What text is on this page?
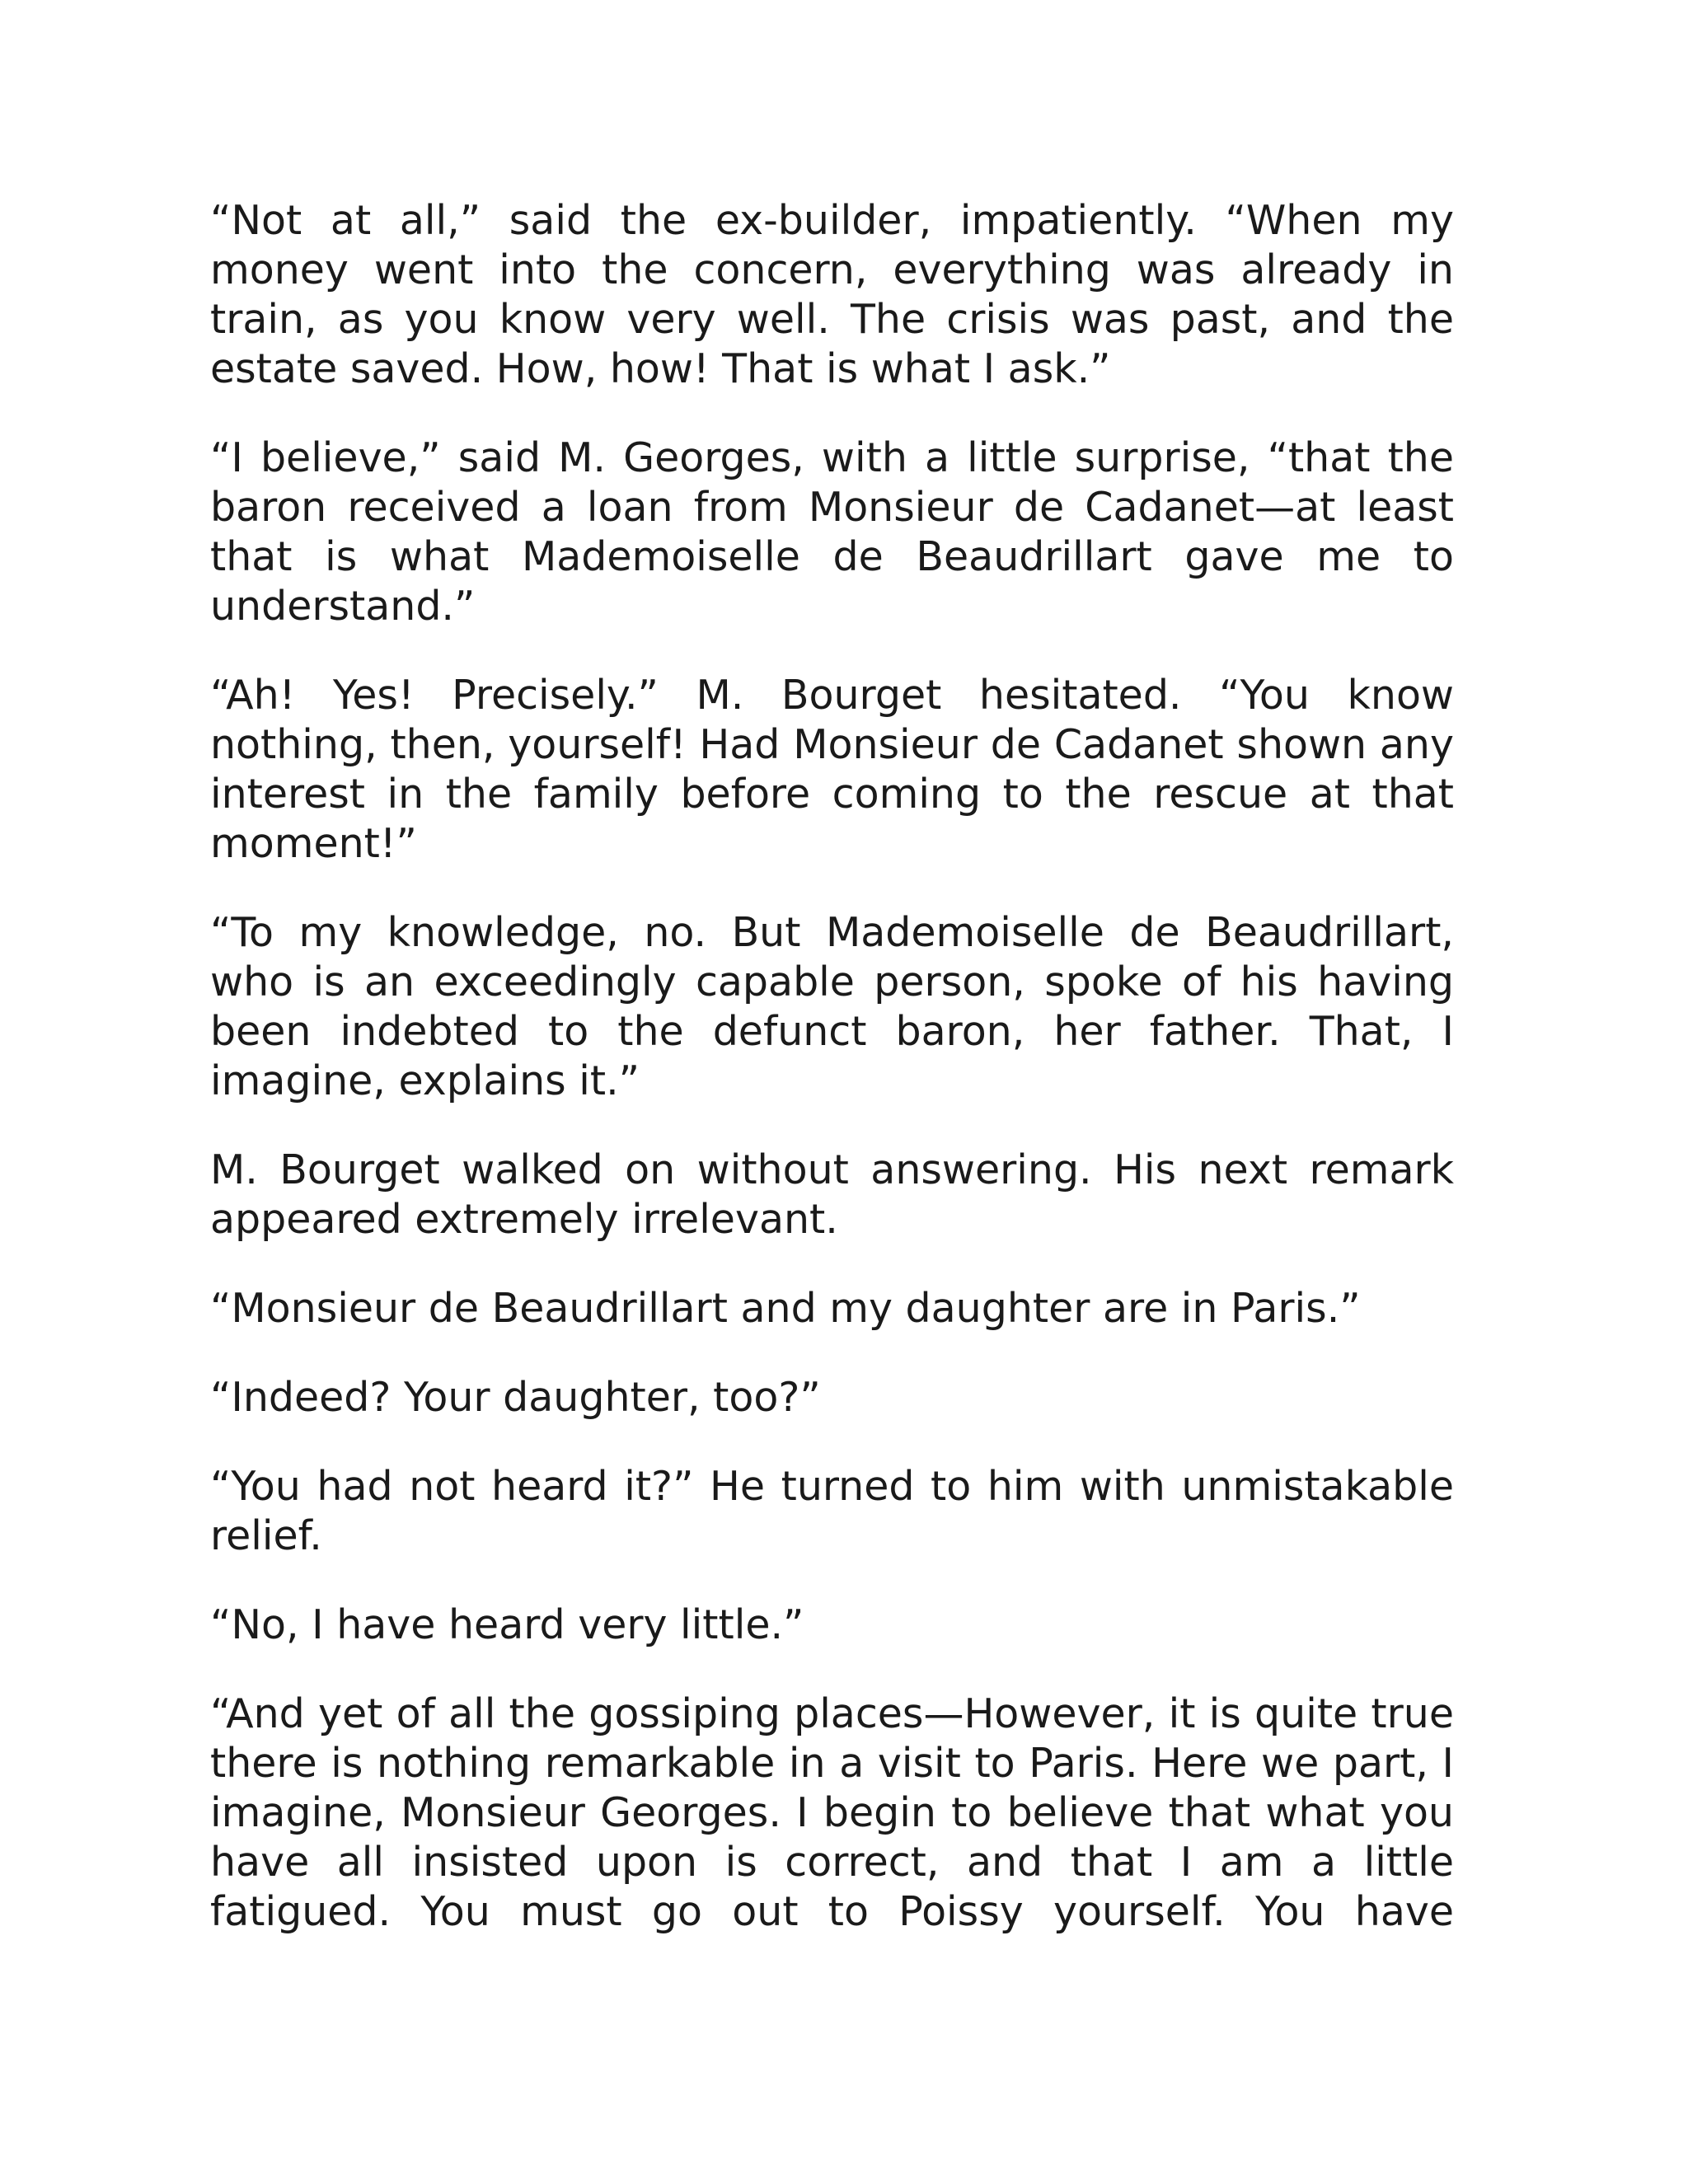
“Not at all,” said the ex-builder, impatiently. “When my money went into the concern, everything was already in train, as you know very well. The crisis was past, and the estate saved. How, how! That is what I ask.”

“I believe,” said M. Georges, with a little surprise, “that the baron received a loan from Monsieur de Cadanet—at least that is what Mademoiselle de Beaudrillart gave me to understand.”

“Ah! Yes! Precisely.” M. Bourget hesitated. “You know nothing, then, yourself! Had Monsieur de Cadanet shown any interest in the family before coming to the rescue at that moment!”

“To my knowledge, no. But Mademoiselle de Beaudrillart, who is an exceedingly capable person, spoke of his having been indebted to the defunct baron, her father. That, I imagine, explains it.”

M. Bourget walked on without answering. His next remark appeared extremely irrelevant.

“Monsieur de Beaudrillart and my daughter are in Paris.”

“Indeed? Your daughter, too?”

“You had not heard it?” He turned to him with unmistakable relief.

“No, I have heard very little.”

“And yet of all the gossiping places—However, it is quite true there is nothing remarkable in a visit to Paris. Here we part, I imagine, Monsieur Georges. I begin to believe that what you have all insisted upon is correct, and that I am a little fatigued. You must go out to Poissy yourself. You have
